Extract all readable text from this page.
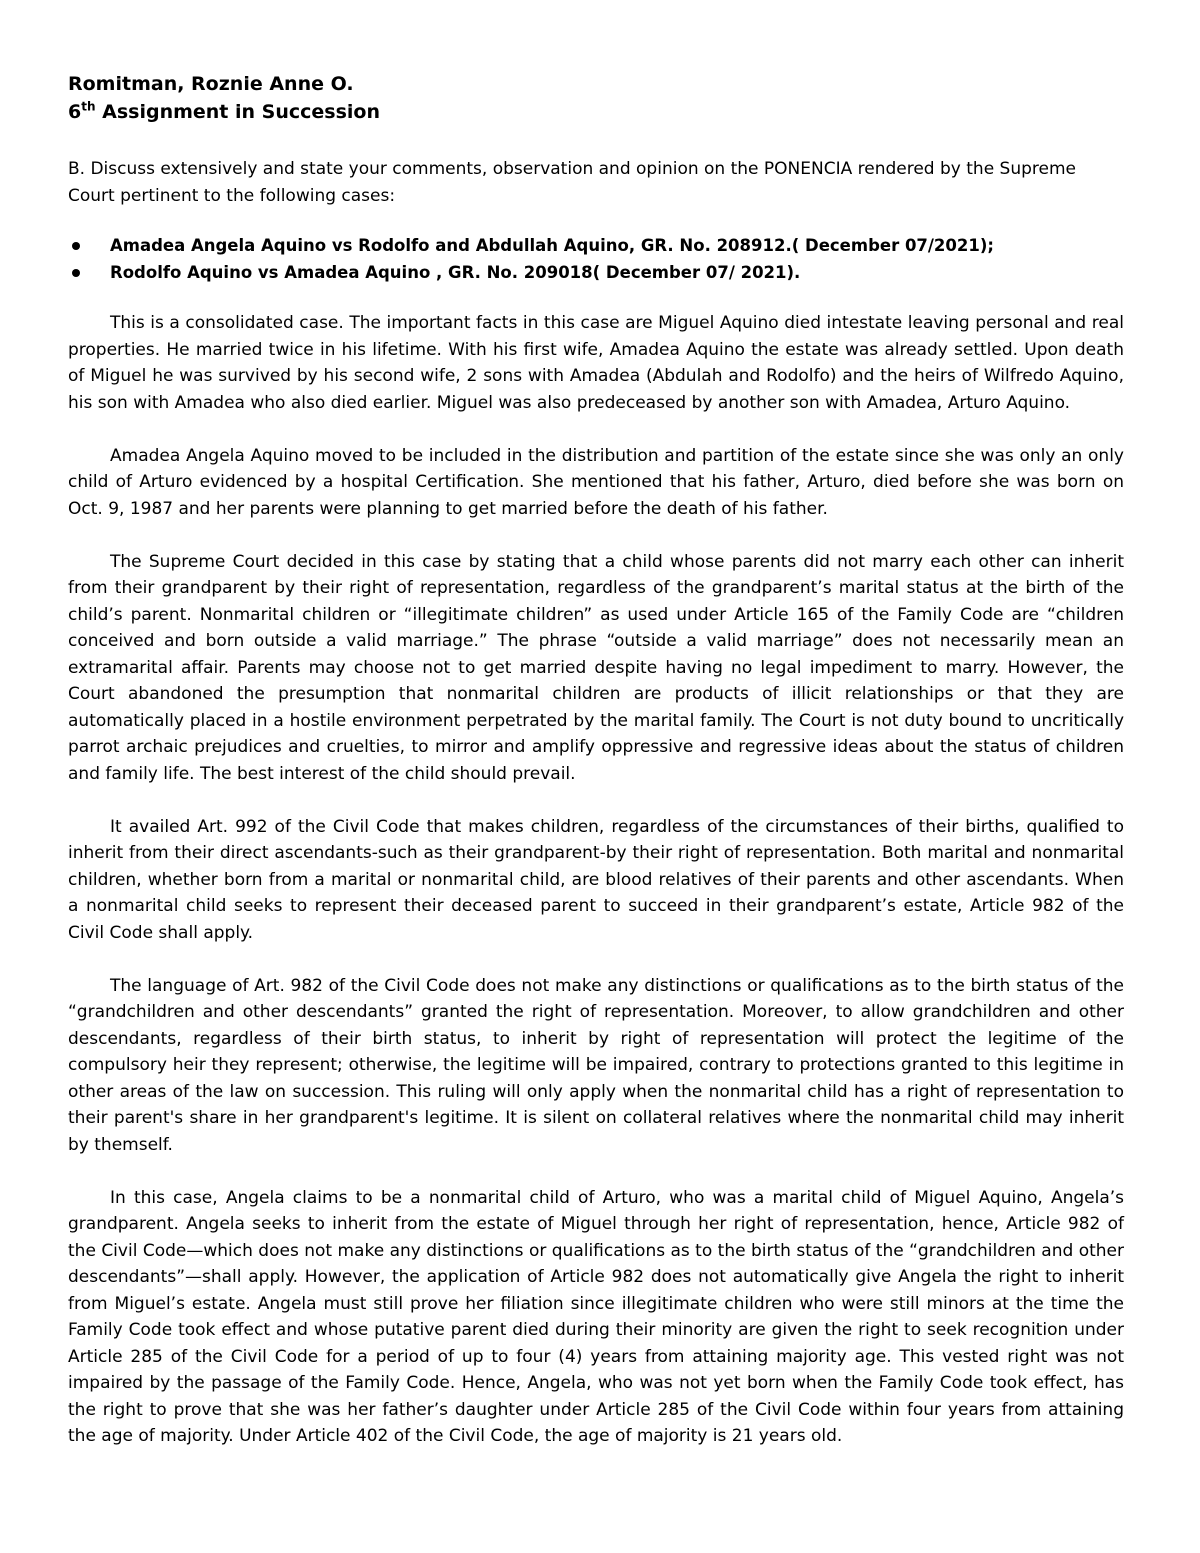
Romitman, Roznie Anne O.

6th Assignment in Succession

B. Discuss extensively and state your comments, observation and opinion on the PONENCIA rendered by the Supreme Court pertinent to the following cases:

Amadea Angela Aquino vs Rodolfo and Abdullah Aquino, GR. No. 208912.( December 07/2021);
Rodolfo Aquino vs Amadea Aquino , GR. No. 209018( December 07/ 2021).

This is a consolidated case. The important facts in this case are Miguel Aquino died intestate leaving personal and real properties. He married twice in his lifetime. With his first wife, Amadea Aquino the estate was already settled. Upon death of Miguel he was survived by his second wife, 2 sons with Amadea (Abdulah and Rodolfo) and the heirs of Wilfredo Aquino, his son with Amadea who also died earlier. Miguel was also predeceased by another son with Amadea, Arturo Aquino.

Amadea Angela Aquino moved to be included in the distribution and partition of the estate since she was only an only child of Arturo evidenced by a hospital Certification. She mentioned that his father, Arturo, died before she was born on Oct. 9, 1987 and her parents were planning to get married before the death of his father.

The Supreme Court decided in this case by stating that a child whose parents did not marry each other can inherit from their grandparent by their right of representation, regardless of the grandparent’s marital status at the birth of the child’s parent. Nonmarital children or “illegitimate children” as used under Article 165 of the Family Code are “children conceived and born outside a valid marriage.” The phrase “outside a valid marriage” does not necessarily mean an extramarital affair. Parents may choose not to get married despite having no legal impediment to marry. However, the Court abandoned the presumption that nonmarital children are products of illicit relationships or that they are automatically placed in a hostile environment perpetrated by the marital family. The Court is not duty bound to uncritically parrot archaic prejudices and cruelties, to mirror and amplify oppressive and regressive ideas about the status of children and family life. The best interest of the child should prevail.

It availed Art. 992 of the Civil Code that makes children, regardless of the circumstances of their births, qualified to inherit from their direct ascendants-such as their grandparent-by their right of representation. Both marital and nonmarital children, whether born from a marital or nonmarital child, are blood relatives of their parents and other ascendants. When a nonmarital child seeks to represent their deceased parent to succeed in their grandparent’s estate, Article 982 of the Civil Code shall apply.

The language of Art. 982 of the Civil Code does not make any distinctions or qualifications as to the birth status of the “grandchildren and other descendants” granted the right of representation. Moreover, to allow grandchildren and other descendants, regardless of their birth status, to inherit by right of representation will protect the legitime of the compulsory heir they represent; otherwise, the legitime will be impaired, contrary to protections granted to this legitime in other areas of the law on succession. This ruling will only apply when the nonmarital child has a right of representation to their parent's share in her grandparent's legitime. It is silent on collateral relatives where the nonmarital child may inherit by themself.

In this case, Angela claims to be a nonmarital child of Arturo, who was a marital child of Miguel Aquino, Angela’s grandparent. Angela seeks to inherit from the estate of Miguel through her right of representation, hence, Article 982 of the Civil Code—which does not make any distinctions or qualifications as to the birth status of the “grandchildren and other descendants”—shall apply. However, the application of Article 982 does not automatically give Angela the right to inherit from Miguel’s estate. Angela must still prove her filiation since illegitimate children who were still minors at the time the Family Code took effect and whose putative parent died during their minority are given the right to seek recognition under Article 285 of the Civil Code for a period of up to four (4) years from attaining majority age. This vested right was not impaired by the passage of the Family Code. Hence, Angela, who was not yet born when the Family Code took effect, has the right to prove that she was her father’s daughter under Article 285 of the Civil Code within four years from attaining the age of majority. Under Article 402 of the Civil Code, the age of majority is 21 years old.
